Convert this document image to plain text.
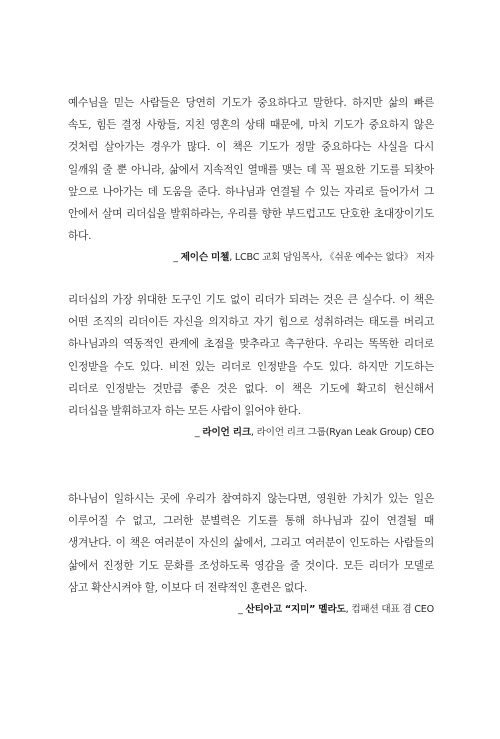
예수님을 믿는 사람들은 당연히 기도가 중요하다고 말한다. 하지만 삶의 빠른 속도, 힘든 결정 사항들, 지친 영혼의 상태 때문에, 마치 기도가 중요하지 않은 것처럼 살아가는 경우가 많다. 이 책은 기도가 정말 중요하다는 사실을 다시 일깨워 줄 뿐 아니라, 삶에서 지속적인 열매를 맺는 데 꼭 필요한 기도를 되찾아 앞으로 나아가는 데 도움을 준다. 하나님과 연결될 수 있는 자리로 들어가서 그 안에서 살며 리더십을 발휘하라는, 우리를 향한 부드럽고도 단호한 초대장이기도 하다.

_ 제이슨 미첼, LCBC 교회 담임목사, 《쉬운 예수는 없다》 저자

리더십의 가장 위대한 도구인 기도 없이 리더가 되려는 것은 큰 실수다. 이 책은 어떤 조직의 리더이든 자신을 의지하고 자기 힘으로 성취하려는 태도를 버리고 하나님과의 역동적인 관계에 초점을 맞추라고 촉구한다. 우리는 똑똑한 리더로 인정받을 수도 있다. 비전 있는 리더로 인정받을 수도 있다. 하지만 기도하는 리더로 인정받는 것만큼 좋은 것은 없다. 이 책은 기도에 확고히 헌신해서 리더십을 발휘하고자 하는 모든 사람이 읽어야 한다.

_ 라이언 리크, 라이언 리크 그룹(Ryan Leak Group) CEO

하나님이 일하시는 곳에 우리가 참여하지 않는다면, 영원한 가치가 있는 일은 이루어질 수 없고, 그러한 분별력은 기도를 통해 하나님과 깊이 연결될 때 생겨난다. 이 책은 여러분이 자신의 삶에서, 그리고 여러분이 인도하는 사람들의 삶에서 진정한 기도 문화를 조성하도록 영감을 줄 것이다. 모든 리더가 모델로 삼고 확산시켜야 할, 이보다 더 전략적인 훈련은 없다.

_ 산티아고 “지미” 멜라도, 컴패션 대표 겸 CEO
